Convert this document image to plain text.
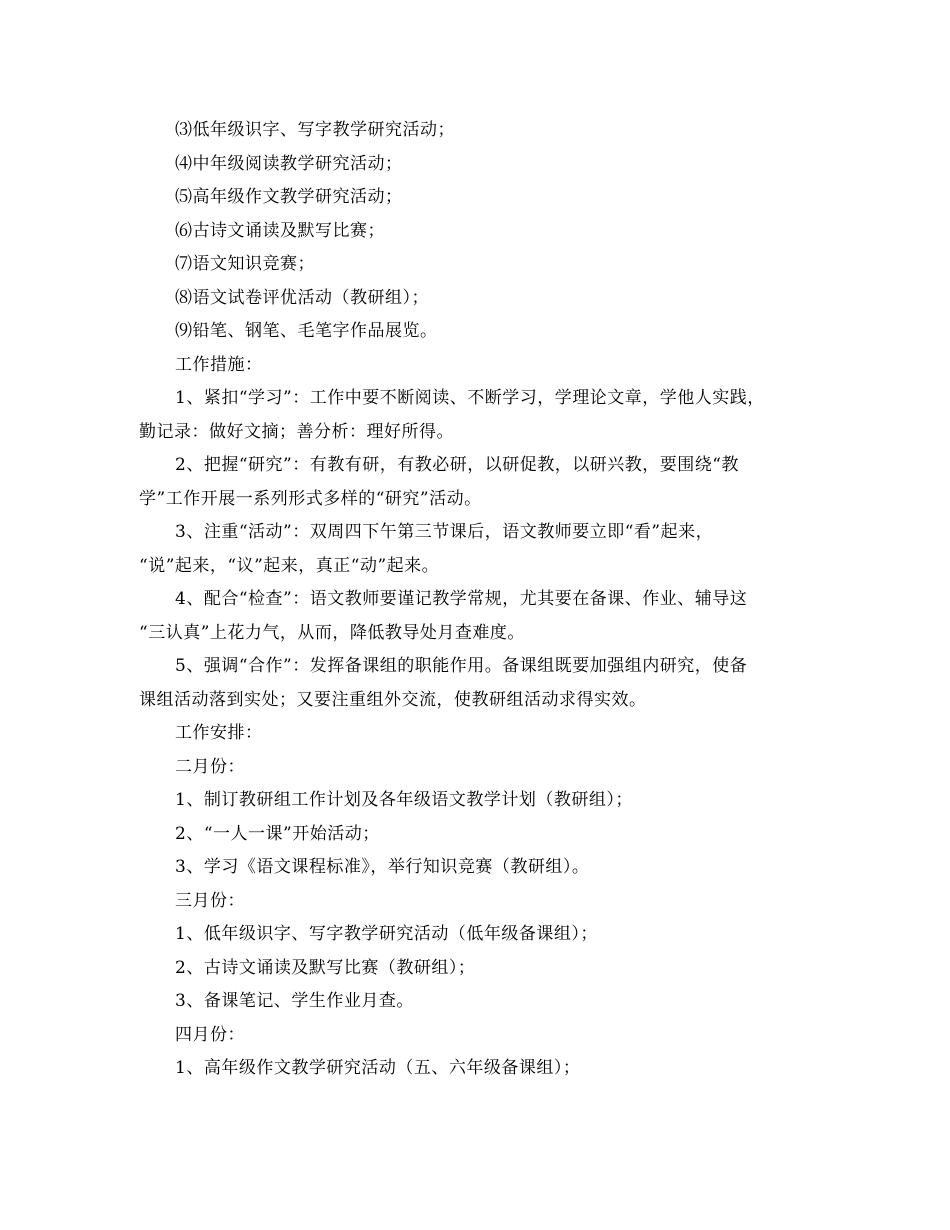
⑶低年级识字、写字教学研究活动；
⑷中年级阅读教学研究活动；
⑸高年级作文教学研究活动；
⑹古诗文诵读及默写比赛；
⑺语文知识竞赛；
⑻语文试卷评优活动（教研组）；
⑼铅笔、钢笔、毛笔字作品展览。
工作措施：
1、紧扣“学习”：工作中要不断阅读、不断学习，学理论文章，学他人实践，
勤记录：做好文摘；善分析：理好所得。
2、把握“研究”：有教有研，有教必研，以研促教，以研兴教，要围绕“教
学”工作开展一系列形式多样的“研究”活动。
3、注重“活动”：双周四下午第三节课后，语文教师要立即“看”起来，
“说”起来，“议”起来，真正“动”起来。
4、配合“检查”：语文教师要谨记教学常规，尤其要在备课、作业、辅导这
“三认真”上花力气，从而，降低教导处月查难度。
5、强调“合作”：发挥备课组的职能作用。备课组既要加强组内研究，使备
课组活动落到实处；又要注重组外交流，使教研组活动求得实效。
工作安排：
二月份：
1、制订教研组工作计划及各年级语文教学计划（教研组）；
2、“一人一课”开始活动；
3、学习《语文课程标准》，举行知识竞赛（教研组）。
三月份：
1、低年级识字、写字教学研究活动（低年级备课组）；
2、古诗文诵读及默写比赛（教研组）；
3、备课笔记、学生作业月查。
四月份：
1、高年级作文教学研究活动（五、六年级备课组）；
